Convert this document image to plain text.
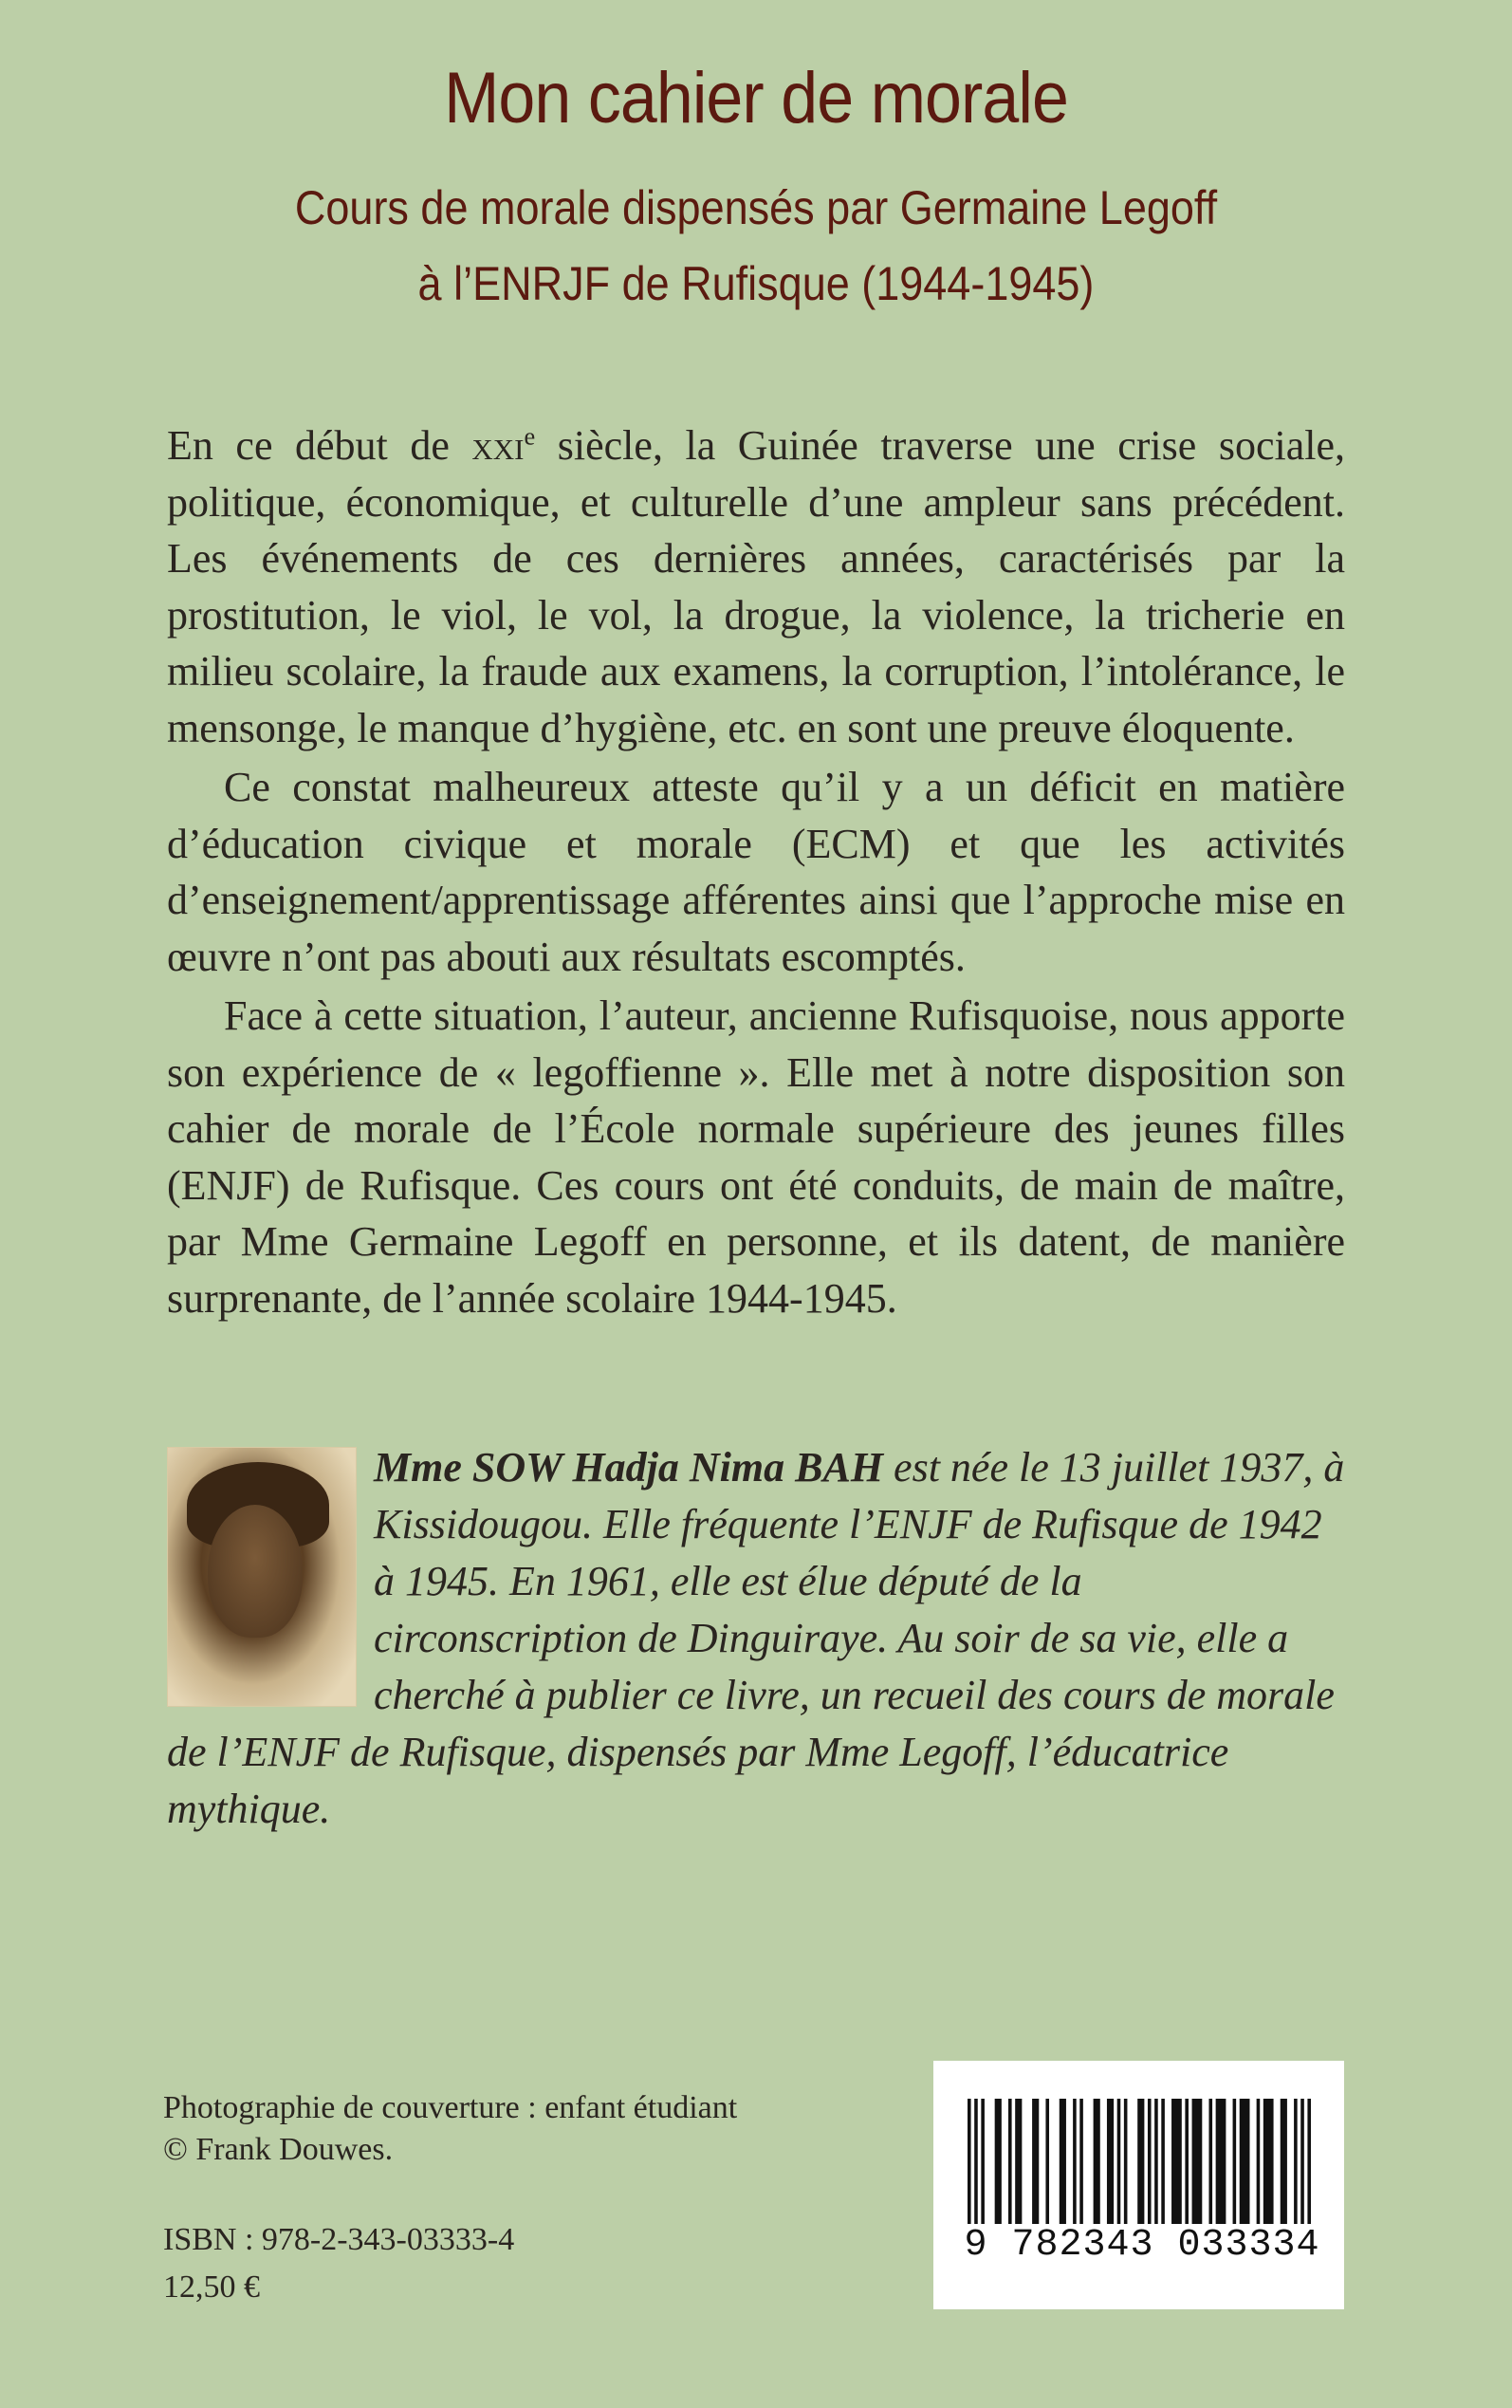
Mon cahier de morale
Cours de morale dispensés par Germaine Legoff
à l’ENRJF de Rufisque (1944-1945)

En ce début de xxi$^e$ siècle, la Guinée traverse une crise sociale, politique, économique, et culturelle d’une ampleur sans précédent. Les événements de ces dernières années, caractérisés par la prostitution, le viol, le vol, la drogue, la violence, la tricherie en milieu scolaire, la fraude aux examens, la corruption, l’intolérance, le mensonge, le manque d’hygiène, etc. en sont une preuve éloquente.

Ce constat malheureux atteste qu’il y a un déficit en matière d’éducation civique et morale (ECM) et que les activités d’enseignement/apprentissage afférentes ainsi que l’approche mise en œuvre n’ont pas abouti aux résultats escomptés.

Face à cette situation, l’auteur, ancienne Rufisquoise, nous apporte son expérience de « legoffienne ». Elle met à notre disposition son cahier de morale de l’École normale supérieure des jeunes filles (ENJF) de Rufisque. Ces cours ont été conduits, de main de maître, par Mme Germaine Legoff en personne, et ils datent, de manière surprenante, de l’année scolaire 1944-1945.

Mme SOW Hadja Nima BAH est née le 13 juillet 1937, à Kissidougou. Elle fréquente l’ENJF de Rufisque de 1942 à 1945. En 1961, elle est élue député de la circonscription de Dinguiraye. Au soir de sa vie, elle a cherché à publier ce livre, un recueil des cours de morale de l’ENJF de Rufisque, dispensés par Mme Legoff, l’éducatrice mythique.
Photographie de couverture : enfant étudiant
© Frank Douwes.
ISBN : 978-2-343-03333-4
12,50 €
9 782343 033334
